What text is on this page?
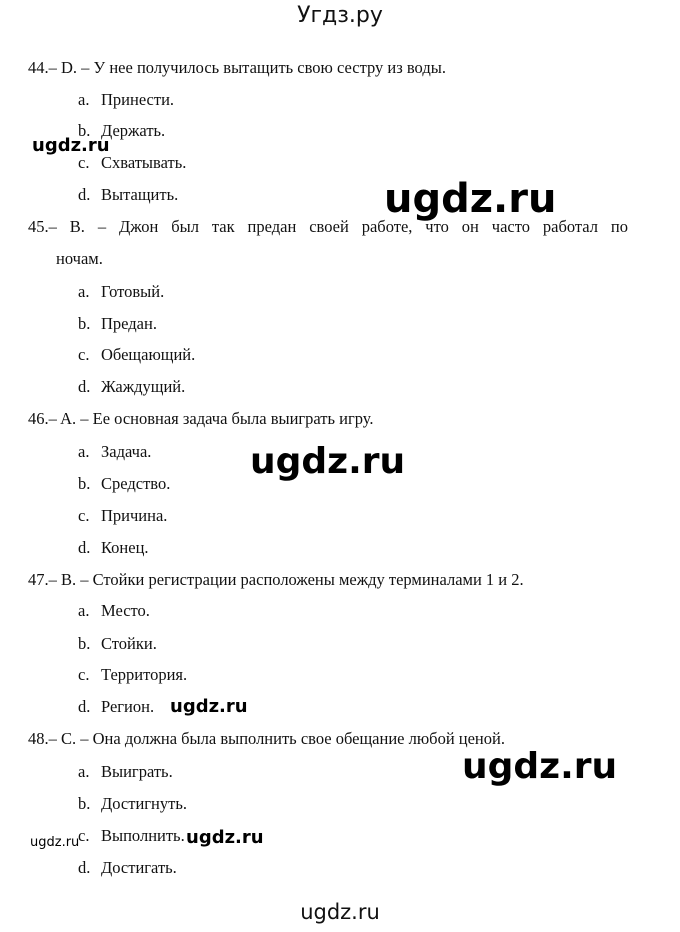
Угдз.ру
44.– D. – У нее получилось вытащить свою сестру из воды.
a. Принести.
b. Держать.
c. Схватывать.
d. Вытащить.
45.– B. – Джон был так предан своей работе, что он часто работал по
ночам.
a. Готовый.
b. Предан.
c. Обещающий.
d. Жаждущий.
46.– A. – Ее основная задача была выиграть игру.
a. Задача.
b. Средство.
c. Причина.
d. Конец.
47.– B. – Стойки регистрации расположены между терминалами 1 и 2.
a. Место.
b. Стойки.
c. Территория.
d. Регион.
48.– C. – Она должна была выполнить свое обещание любой ценой.
a. Выиграть.
b. Достигнуть.
c. Выполнить.
d. Достигать.
ugdz.ru
ugdz.ru
ugdz.ru
ugdz.ru
ugdz.ru
ugdz.ru
ugdz.ru
ugdz.ru
